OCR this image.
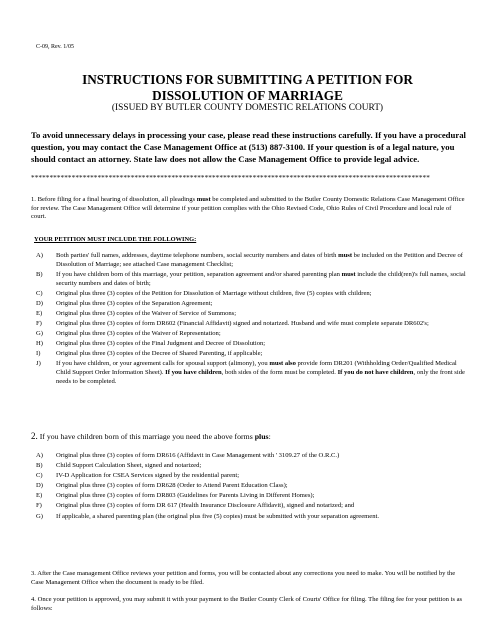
C-09, Rev. 1/05
INSTRUCTIONS FOR SUBMITTING A PETITION FOR
DISSOLUTION OF MARRIAGE
(ISSUED BY BUTLER COUNTY DOMESTIC RELATIONS COURT)
To avoid unnecessary delays in processing your case, please read these instructions carefully. If you have a procedural question, you may contact the Case Management Office at (513) 887-3100. If your question is of a legal nature, you should contact an attorney. State law does not allow the Case Management Office to provide legal advice.
************************************************************************************************************
1. Before filing for a final hearing of dissolution, all pleadings must be completed and submitted to the Butler County Domestic Relations Case Management Office for review. The Case Management Office will determine if your petition complies with the Ohio Revised Code, Ohio Rules of Civil Procedure and local rule of court.
YOUR PETITION MUST INCLUDE THE FOLLOWING:
A) Both parties' full names, addresses, daytime telephone numbers, social security numbers and dates of birth must be included on the Petition and Decree of Dissolution of Marriage; see attached Case management Checklist;
B) If you have children born of this marriage, your petition, separation agreement and/or shared parenting plan must include the child(ren)'s full names, social security numbers and dates of birth;
C) Original plus three (3) copies of the Petition for Dissolution of Marriage without children, five (5) copies with children;
D) Original plus three (3) copies of the Separation Agreement;
E) Original plus three (3) copies of the Waiver of Service of Summons;
F) Original plus three (3) copies of form DR602 (Financial Affidavit) signed and notarized. Husband and wife must complete separate DR602's;
G) Original plus three (3) copies of the Waiver of Representation;
H) Original plus three (3) copies of the Final Judgment and Decree of Dissolution;
I) Original plus three (3) copies of the Decree of Shared Parenting, if applicable;
J) If you have children, or your agreement calls for spousal support (alimony), you must also provide form DR201 (Withholding Order/Qualified Medical Child Support Order Information Sheet). If you have children, both sides of the form must be completed. If you do not have children, only the front side needs to be completed.
2. If you have children born of this marriage you need the above forms plus:
A) Original plus three (3) copies of form DR616 (Affidavit in Case Management with ' 3109.27 of the O.R.C.)
B) Child Support Calculation Sheet, signed and notarized;
C) IV-D Application for CSEA Services signed by the residential parent;
D) Original plus three (3) copies of form DR628 (Order to Attend Parent Education Class);
E) Original plus three (3) copies of form DR803 (Guidelines for Parents Living in Different Homes);
F) Original plus three (3) copies of form DR 617 (Health Insurance Disclosure Affidavit), signed and notarized; and
G) If applicable, a shared parenting plan (the original plus five (5) copies) must be submitted with your separation agreement.
3. After the Case management Office reviews your petition and forms, you will be contacted about any corrections you need to make. You will be notified by the Case Management Office when the document is ready to be filed.
4. Once your petition is approved, you may submit it with your payment to the Butler County Clerk of Courts' Office for filing. The filing fee for your petition is as follows:
